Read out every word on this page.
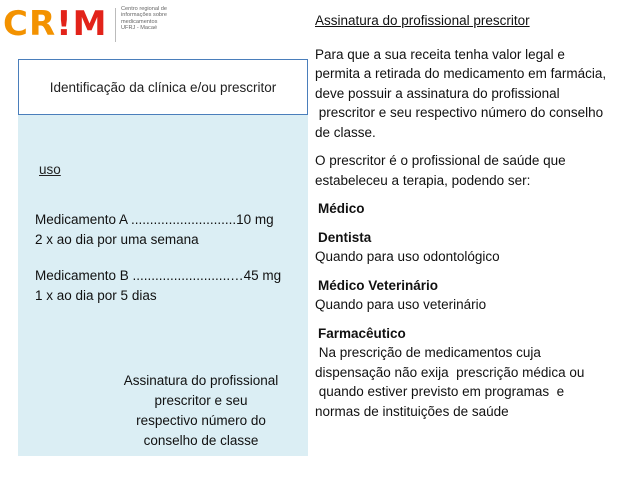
CR!M Centro regional de
informações sobre
medicamentos
UFRJ - Macaé
Identificação da clínica e/ou prescritor
uso
Medicamento A ............................10 mg
2 x ao dia por uma semana
Medicamento B ..........................…45 mg
1 x ao dia por 5 dias
Assinatura do profissional
prescritor e seu
respectivo número do
conselho de classe
Assinatura do profissional prescritor
Para que a sua receita tenha valor legal e
permita a retirada do medicamento em farmácia,
deve possuir a assinatura do profissional
prescritor e seu respectivo número do conselho
de classe.
O prescritor é o profissional de saúde que
estabeleceu a terapia, podendo ser:
Médico
Dentista
Quando para uso odontológico
Médico Veterinário
Quando para uso veterinário
Farmacêutico
Na prescrição de medicamentos cuja
dispensação não exija  prescrição médica ou
quando estiver previsto em programas  e
normas de instituições de saúde
